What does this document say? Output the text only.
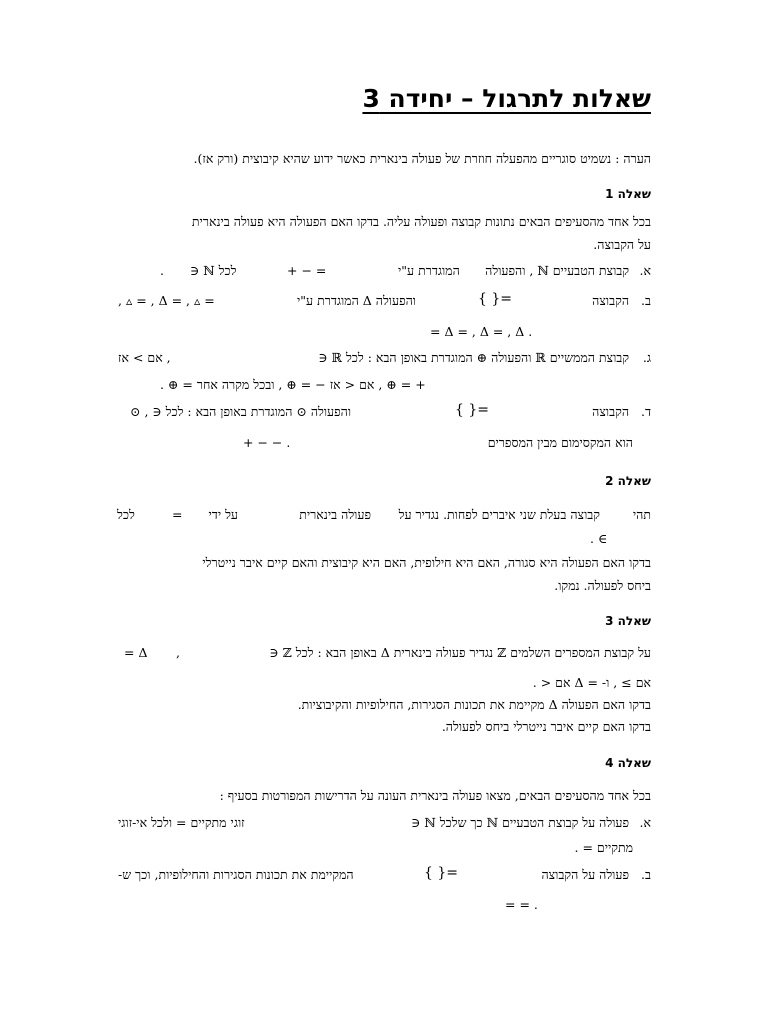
שאלות לתרגול – יחידה 3
הערה : נשמיט סוגריים מהפעלה חוזרת של פעולה בינארית כאשר ידוע שהיא קיבוצית (ורק אז).
שאלה 1
בכל אחד מהסעיפים הבאים נתונות קבוצה ופעולה עליה. בדקו האם הפעולה היא פעולה בינארית
על הקבוצה.
א. קבוצת הטבעיים ℕ , והפעולה
המוגדרת ע"י
+ − =
לכל ℕ ∈
.
ב. הקבוצה
{ }=
והפעולה Δ המוגדרת ע"י
= ▵ , = Δ , = ▵ ,
. Δ = , Δ = , Δ =
ג. קבוצת הממשיים ℝ והפעולה ⊕ המוגדרת באופן הבא : לכל ℝ ∈
, אם > אז
+ = ⊕ , אם < אז − = ⊕ , ובכל מקרה אחר = ⊕ .
ד. הקבוצה
{ }=
והפעולה ⊙ המוגדרת באופן הבא : לכל ∈ , ⊙
הוא המקסימום מבין המספרים
+ − − .
שאלה 2
תהי
קבוצה בעלת שני איברים לפחות. נגדיר על
פעולה בינארית
על ידי
=
לכל
. ∈
בדקו האם הפעולה היא סגורה, האם היא חילופית, האם היא קיבוצית והאם קיים איבר נייטרלי
ביחס לפעולה. נמקו.
שאלה 3
על קבוצת המספרים השלמים ℤ נגדיר פעולה בינארית Δ באופן הבא : לכל ℤ ∈
,
Δ =
אם ≥ , ו- = Δ אם < .
בדקו האם הפעולה Δ מקיימת את תכונות הסגירות, החילופיות והקיבוציות.
בדקו האם קיים איבר נייטרלי ביחס לפעולה.
שאלה 4
בכל אחד מהסעיפים הבאים, מצאו פעולה בינארית העונה על הדרישות המפורטות בסעיף :
א. פעולה על קבוצת הטבעיים ℕ כך שלכל ℕ ∈
זוגי מתקיים = ולכל אי-זוגי
מתקיים = .
ב. פעולה על הקבוצה
{ }=
המקיימת את תכונות הסגירות והחילופיות, וכך ש-
. = =
